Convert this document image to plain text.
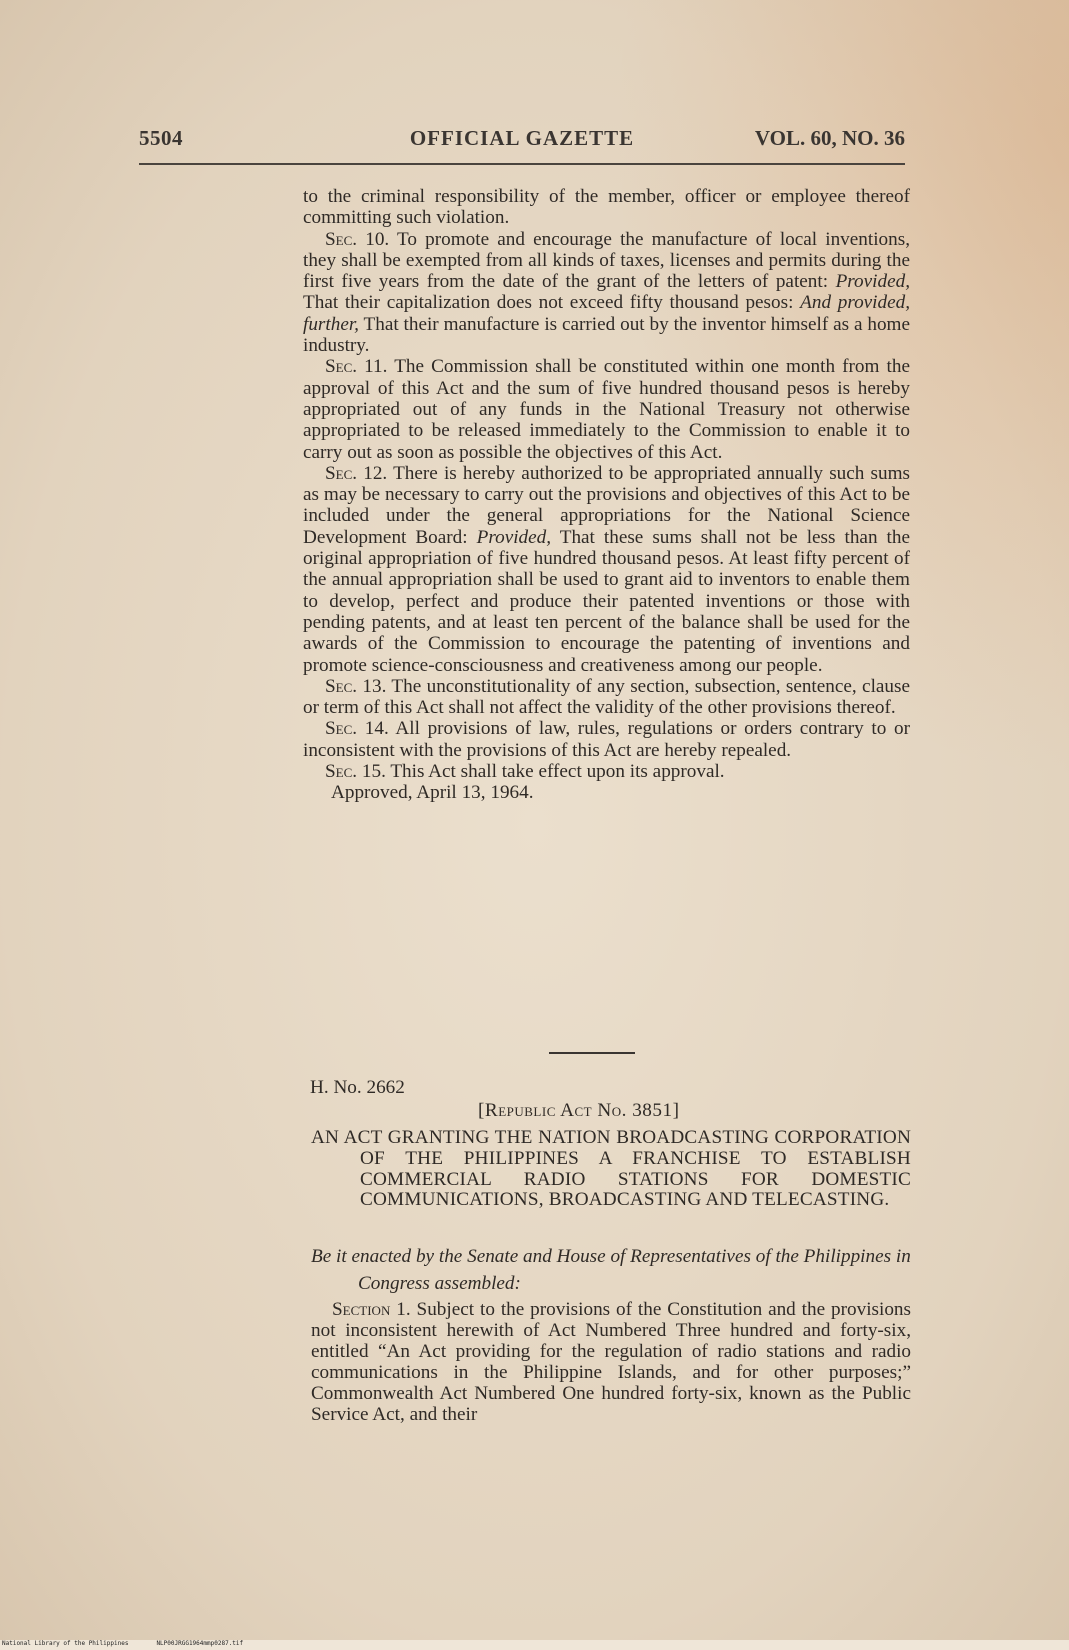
5504	OFFICIAL GAZETTE	VOL. 60, NO. 36

to the criminal responsibility of the member, officer or employee thereof committing such violation.

Sec. 10. To promote and encourage the manufacture of local inventions, they shall be exempted from all kinds of taxes, licenses and permits during the first five years from the date of the grant of the letters of patent: Provided, That their capitalization does not exceed fifty thousand pesos: And provided, further, That their manufacture is carried out by the inventor himself as a home industry.

Sec. 11. The Commission shall be constituted within one month from the approval of this Act and the sum of five hundred thousand pesos is hereby appropriated out of any funds in the National Treasury not otherwise appropriated to be released immediately to the Commission to enable it to carry out as soon as possible the objectives of this Act.

Sec. 12. There is hereby authorized to be appropriated annually such sums as may be necessary to carry out the provisions and objectives of this Act to be included under the general appropriations for the National Science Development Board: Provided, That these sums shall not be less than the original appropriation of five hundred thousand pesos. At least fifty percent of the annual appropriation shall be used to grant aid to inventors to enable them to develop, perfect and produce their patented inventions or those with pending patents, and at least ten percent of the balance shall be used for the awards of the Commission to encourage the patenting of inventions and promote science-consciousness and creativeness among our people.

Sec. 13. The unconstitutionality of any section, subsection, sentence, clause or term of this Act shall not affect the validity of the other provisions thereof.

Sec. 14. All provisions of law, rules, regulations or orders contrary to or inconsistent with the provisions of this Act are hereby repealed.

Sec. 15. This Act shall take effect upon its approval.

Approved, April 13, 1964.

H. No. 2662
[Republic Act No. 3851]
AN ACT GRANTING THE NATION BROADCASTING CORPORATION OF THE PHILIPPINES A FRANCHISE TO ESTABLISH COMMERCIAL RADIO STATIONS FOR DOMESTIC COMMUNICATIONS, BROADCASTING AND TELECASTING.
Be it enacted by the Senate and House of Representatives of the Philippines in Congress assembled:
Section 1. Subject to the provisions of the Constitution and the provisions not inconsistent herewith of Act Numbered Three hundred and forty-six, entitled “An Act providing for the regulation of radio stations and radio communications in the Philippine Islands, and for other purposes;” Commonwealth Act Numbered One hundred forty-six, known as the Public Service Act, and their
National Library of the Philippines	NLP00JRGG1964mmp0287.tif
